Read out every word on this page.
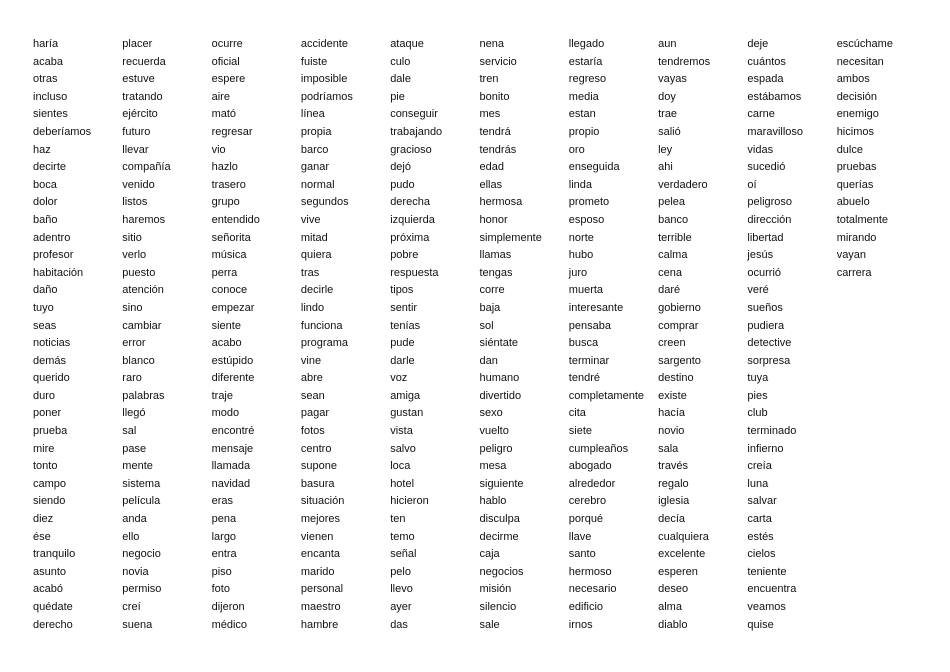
haría
acaba
otras
incluso
sientes
deberíamos
haz
decirte
boca
dolor
baño
adentro
profesor
habitación
daño
tuyo
seas
noticias
demás
querido
duro
poner
prueba
mire
tonto
campo
siendo
diez
ése
tranquilo
asunto
acabó
quédate
derecho
placer
recuerda
estuve
tratando
ejército
futuro
llevar
compañía
venido
listos
haremos
sitio
verlo
puesto
atención
sino
cambiar
error
blanco
raro
palabras
llegó
sal
pase
mente
sistema
película
anda
ello
negocio
novia
permiso
creí
suena
ocurre
oficial
espere
aire
mató
regresar
vio
hazlo
trasero
grupo
entendido
señorita
música
perra
conoce
empezar
siente
acabo
estúpido
diferente
traje
modo
encontré
mensaje
llamada
navidad
eras
pena
largo
entra
piso
foto
dijeron
médico
accidente
fuiste
imposible
podríamos
línea
propia
barco
ganar
normal
segundos
vive
mitad
quiera
tras
decirle
lindo
funciona
programa
vine
abre
sean
pagar
fotos
centro
supone
basura
situación
mejores
vienen
encanta
marido
personal
maestro
hambre
ataque
culo
dale
pie
conseguir
trabajando
gracioso
dejó
pudo
derecha
izquierda
próxima
pobre
respuesta
tipos
sentir
tenías
pude
darle
voz
amiga
gustan
vista
salvo
loca
hotel
hicieron
ten
temo
señal
pelo
llevo
ayer
das
nena
servicio
tren
bonito
mes
tendrá
tendrás
edad
ellas
hermosa
honor
simplemente
llamas
tengas
corre
baja
sol
siéntate
dan
humano
divertido
sexo
vuelto
peligro
mesa
siguiente
hablo
disculpa
decirme
caja
negocios
misión
silencio
sale
llegado
estaría
regreso
media
estan
propio
oro
enseguida
linda
prometo
esposo
norte
hubo
juro
muerta
interesante
pensaba
busca
terminar
tendré
completamente
cita
siete
cumpleaños
abogado
alrededor
cerebro
porqué
llave
santo
hermoso
necesario
edificio
irnos
aun
tendremos
vayas
doy
trae
salió
ley
ahi
verdadero
pelea
banco
terrible
calma
cena
daré
gobierno
comprar
creen
sargento
destino
existe
hacía
novio
sala
través
regalo
iglesia
decía
cualquiera
excelente
esperen
deseo
alma
diablo
deje
cuántos
espada
estábamos
carne
maravilloso
vidas
sucedió
oí
peligroso
dirección
libertad
jesús
ocurrió
veré
sueños
pudiera
detective
sorpresa
tuya
pies
club
terminado
infierno
creía
luna
salvar
carta
estés
cielos
teniente
encuentra
veamos
quise
escúchame
necesitan
ambos
decisión
enemigo
hicimos
dulce
pruebas
querías
abuelo
totalmente
mirando
vayan
carrera
